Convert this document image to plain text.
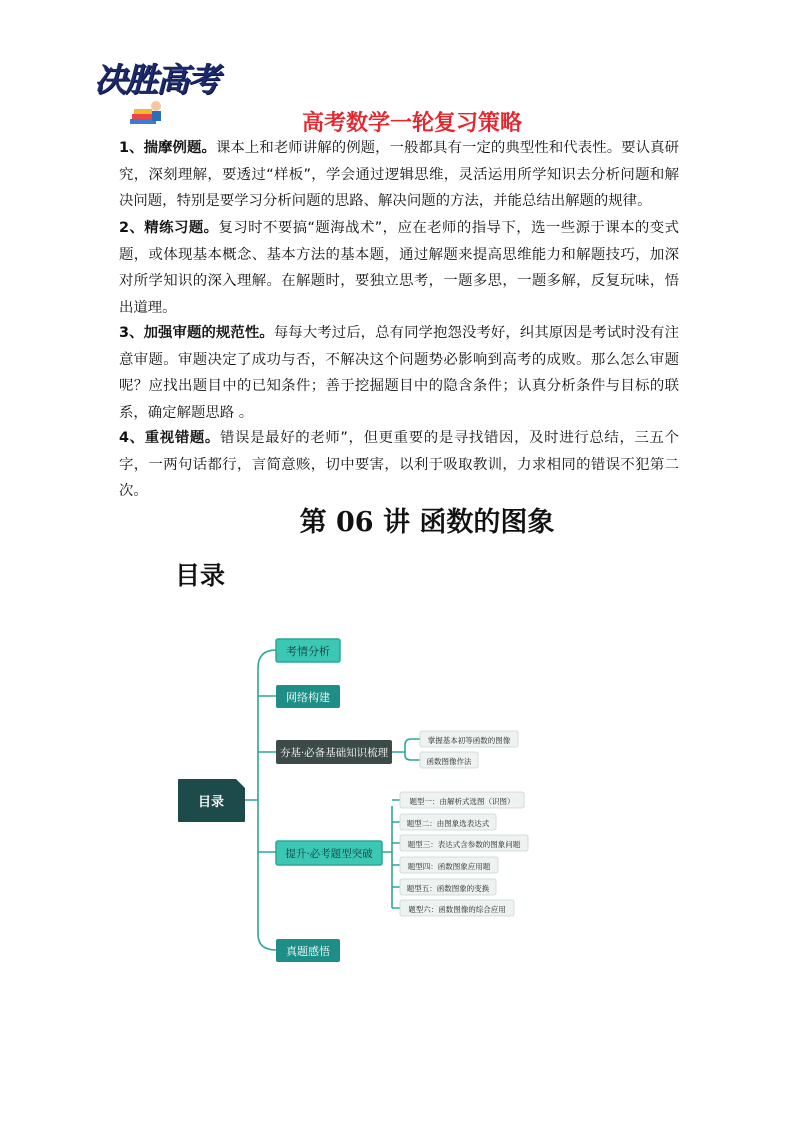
决胜高考
高考数学一轮复习策略
1、揣摩例题。课本上和老师讲解的例题，一般都具有一定的典型性和代表性。要认真研究，深刻理解，要透过“样板”，学会通过逻辑思维，灵活运用所学知识去分析问题和解决问题，特别是要学习分析问题的思路、解决问题的方法，并能总结出解题的规律。
2、精练习题。复习时不要搞“题海战术”，应在老师的指导下，选一些源于课本的变式题，或体现基本概念、基本方法的基本题，通过解题来提高思维能力和解题技巧，加深对所学知识的深入理解。在解题时，要独立思考，一题多思，一题多解，反复玩味，悟出道理。
3、加强审题的规范性。每每大考过后，总有同学抱怨没考好，纠其原因是考试时没有注意审题。审题决定了成功与否，不解决这个问题势必影响到高考的成败。那么怎么审题呢？应找出题目中的已知条件；善于挖掘题目中的隐含条件；认真分析条件与目标的联系，确定解题思路 。
4、重视错题。错误是最好的老师”，但更重要的是寻找错因，及时进行总结，三五个字，一两句话都行，言简意赅，切中要害，以利于吸取教训，力求相同的错误不犯第二次。
第 06 讲 函数的图象
目录
目录
考情分析
网络构建
夯基·必备基础知识梳理
提升·必考题型突破
真题感悟
掌握基本初等函数的图像
函数图像作法
题型一：由解析式选图（识图）
题型二：由图象选表达式
题型三：表达式含参数的图象问题
题型四：函数图象应用题
题型五：函数图象的变换
题型六：函数图像的综合应用
